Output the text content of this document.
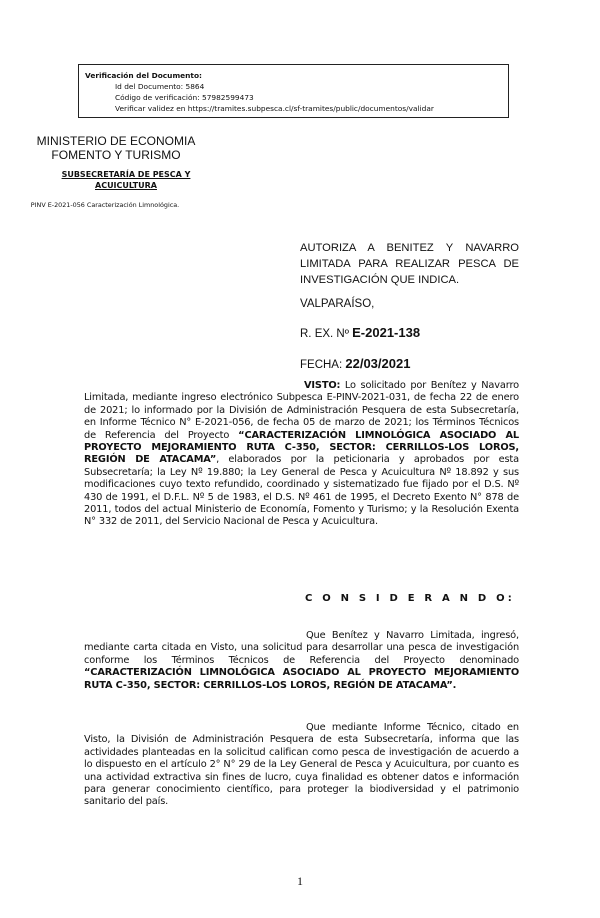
Verificación del Documento:
• Id del Documento: 5864
• Código de verificación: 57982599473
• Verificar validez en https://tramites.subpesca.cl/sf-tramites/public/documentos/validar
MINISTERIO DE ECONOMIA
FOMENTO Y TURISMO
SUBSECRETARÍA DE PESCA Y ACUICULTURA
PINV E-2021-056 Caracterización Limnológica.
AUTORIZA A BENITEZ Y NAVARRO
LIMITADA PARA REALIZAR PESCA DE
INVESTIGACIÓN QUE INDICA.
VALPARAÍSO,
R. EX. Nº E-2021-138
FECHA: 22/03/2021
VISTO: Lo solicitado por Benítez y Navarro Limitada, mediante ingreso electrónico Subpesca E-PINV-2021-031, de fecha 22 de enero de 2021; lo informado por la División de Administración Pesquera de esta Subsecretaría, en Informe Técnico N° E-2021-056, de fecha 05 de marzo de 2021; los Términos Técnicos de Referencia del Proyecto “CARACTERIZACIÓN LIMNOLÓGICA ASOCIADO AL PROYECTO MEJORAMIENTO RUTA C-350, SECTOR: CERRILLOS-LOS LOROS, REGIÓN DE ATACAMA”, elaborados por la peticionaria y aprobados por esta Subsecretaría; la Ley Nº 19.880; la Ley General de Pesca y Acuicultura Nº 18.892 y sus modificaciones cuyo texto refundido, coordinado y sistematizado fue fijado por el D.S. Nº 430 de 1991, el D.F.L. Nº 5 de 1983, el D.S. Nº 461 de 1995, el Decreto Exento N° 878 de 2011, todos del actual Ministerio de Economía, Fomento y Turismo; y la Resolución Exenta N° 332 de 2011, del Servicio Nacional de Pesca y Acuicultura.
C O N S I D E R A N D O:
Que Benítez y Navarro Limitada, ingresó, mediante carta citada en Visto, una solicitud para desarrollar una pesca de investigación conforme los Términos Técnicos de Referencia del Proyecto denominado “CARACTERIZACIÓN LIMNOLÓGICA ASOCIADO AL PROYECTO MEJORAMIENTO RUTA C-350, SECTOR: CERRILLOS-LOS LOROS, REGIÓN DE ATACAMA”.
Que mediante Informe Técnico, citado en Visto, la División de Administración Pesquera de esta Subsecretaría, informa que las actividades planteadas en la solicitud califican como pesca de investigación de acuerdo a lo dispuesto en el artículo 2° N° 29 de la Ley General de Pesca y Acuicultura, por cuanto es una actividad extractiva sin fines de lucro, cuya finalidad es obtener datos e información para generar conocimiento científico, para proteger la biodiversidad y el patrimonio sanitario del país.
1
